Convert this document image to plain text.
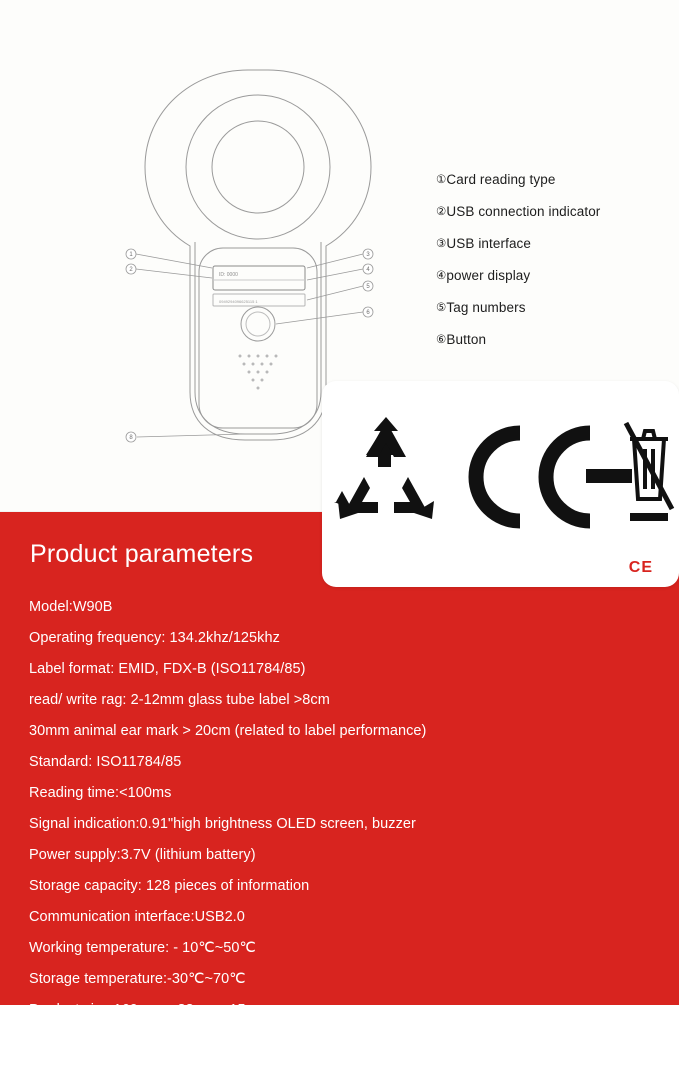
ID: 0000
0949294096625115 1
1
2
8
3
4
5
6
①Card reading type
②USB connection indicator
③USB interface
④power display
⑤Tag numbers
⑥Button
Product parameters
Model:W90B
Operating frequency: 134.2khz/125khz
Label format: EMID, FDX-B (ISO11784/85)
read/ write rag: 2-12mm glass tube label >8cm
30mm animal ear mark > 20cm (related to label performance)
Standard: ISO11784/85
Reading time:<100ms
Signal indication:0.91"high brightness OLED screen, buzzer
Power supply:3.7V (lithium battery)
Storage capacity: 128 pieces of information
Communication interface:USB2.0
Working temperature: - 10℃~50℃
Storage temperature:-30℃~70℃
Product size:169mm x 88mm x15mm
Weight:120g
CE
